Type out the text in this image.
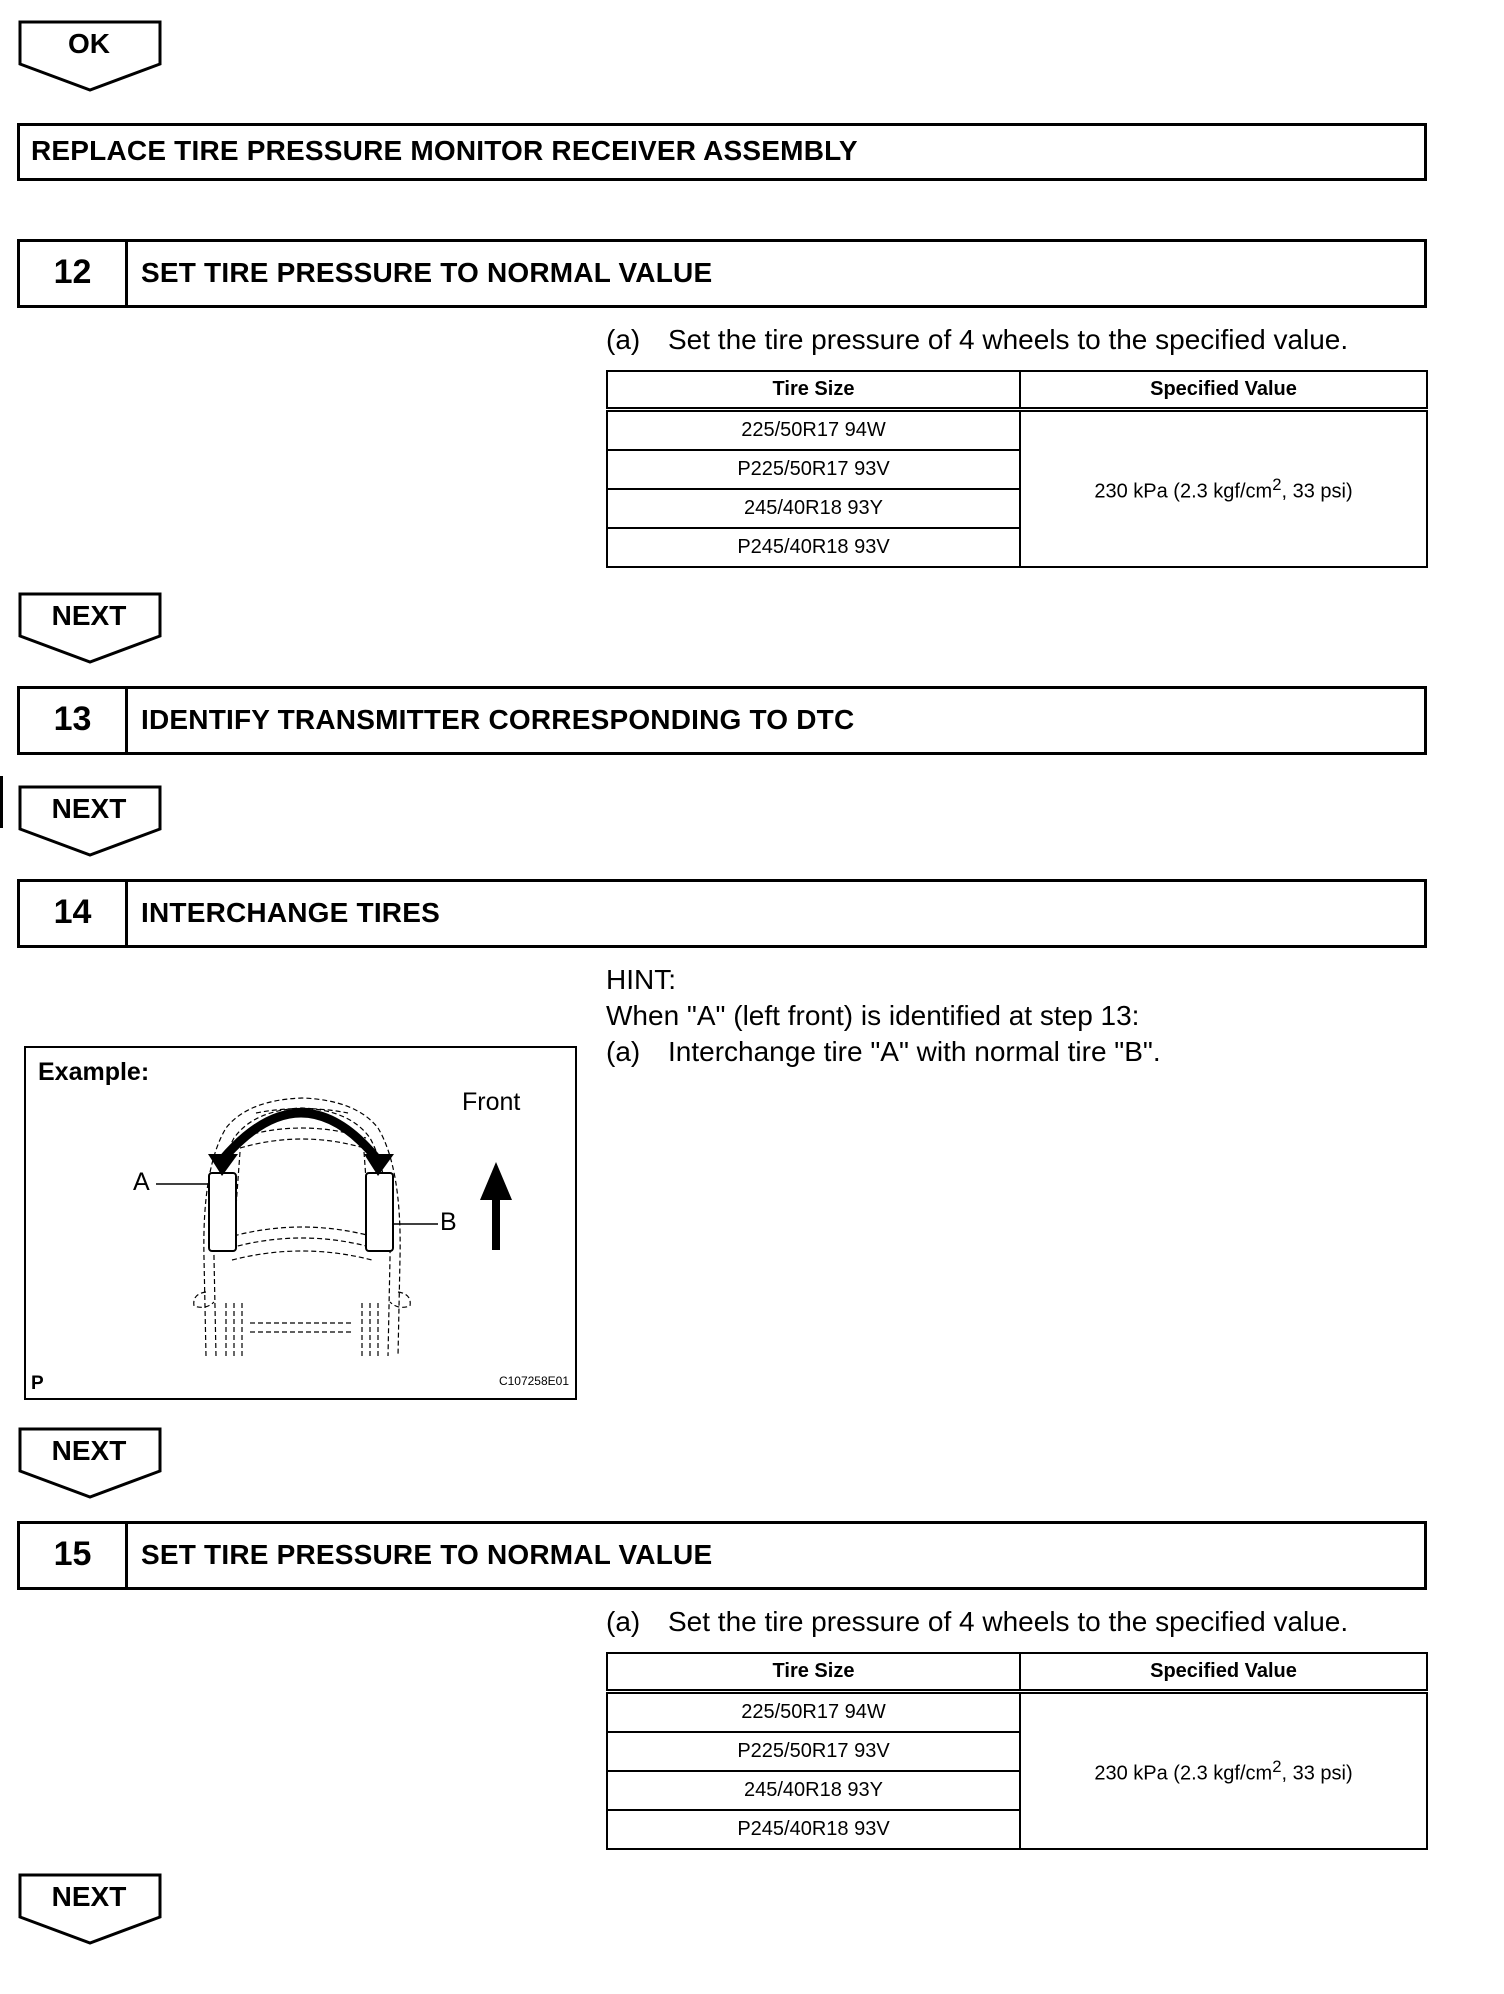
OK
REPLACE TIRE PRESSURE MONITOR RECEIVER ASSEMBLY
12	SET TIRE PRESSURE TO NORMAL VALUE
(a) Set the tire pressure of 4 wheels to the specified value.
Tire Size	Specified Value
225/50R17 94W	230 kPa (2.3 kgf/$cm^2$, 33 psi)
P225/50R17 93V	
245/40R18 93Y	
P245/40R18 93V	
NEXT
13	IDENTIFY TRANSMITTER CORRESPONDING TO DTC
NEXT
14	INTERCHANGE TIRES
HINT:
When "A" (left front) is identified at step 13:
(a) Interchange tire "A" with normal tire "B".
Example:
Front
A
B
P	C107258E01
NEXT
15	SET TIRE PRESSURE TO NORMAL VALUE
(a) Set the tire pressure of 4 wheels to the specified value.
Tire Size	Specified Value
225/50R17 94W	230 kPa (2.3 kgf/$cm^2$, 33 psi)
P225/50R17 93V	
245/40R18 93Y	
P245/40R18 93V	
NEXT
